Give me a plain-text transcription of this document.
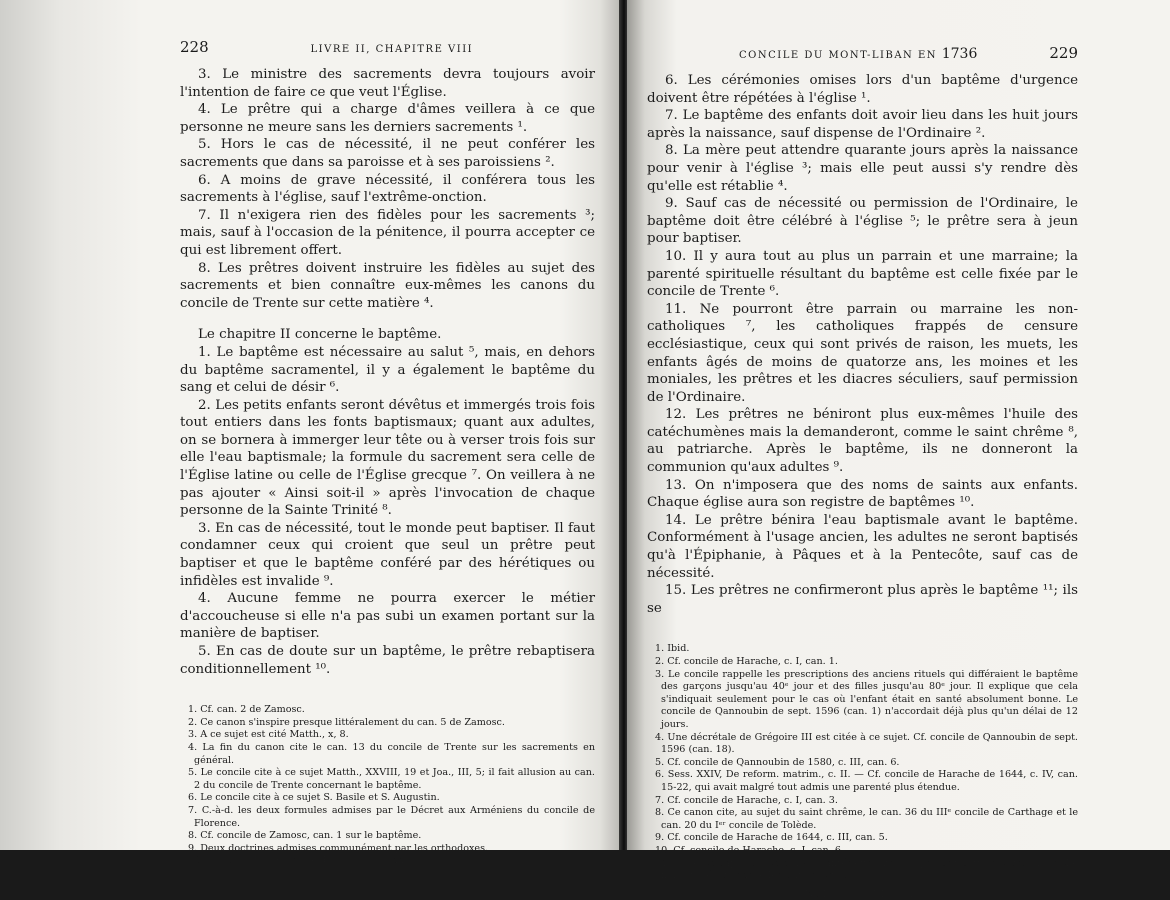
228	LIVRE II, CHAPITRE VIII

3. Le ministre des sacrements devra toujours avoir l'intention de faire ce que veut l'Église.

4. Le prêtre qui a charge d'âmes veillera à ce que personne ne meure sans les derniers sacrements ¹.

5. Hors le cas de nécessité, il ne peut conférer les sacrements que dans sa paroisse et à ses paroissiens ².

6. A moins de grave nécessité, il conférera tous les sacrements à l'église, sauf l'extrême-onction.

7. Il n'exigera rien des fidèles pour les sacrements ³; mais, sauf à l'occasion de la pénitence, il pourra accepter ce qui est librement offert.

8. Les prêtres doivent instruire les fidèles au sujet des sacrements et bien connaître eux-mêmes les canons du concile de Trente sur cette matière ⁴.

Le chapitre II concerne le baptême.

1. Le baptême est nécessaire au salut ⁵, mais, en dehors du baptême sacramentel, il y a également le baptême du sang et celui de désir ⁶.

2. Les petits enfants seront dévêtus et immergés trois fois tout entiers dans les fonts baptismaux; quant aux adultes, on se bornera à immerger leur tête ou à verser trois fois sur elle l'eau baptismale; la formule du sacrement sera celle de l'Église latine ou celle de l'Église grecque ⁷. On veillera à ne pas ajouter « Ainsi soit-il » après l'invocation de chaque personne de la Sainte Trinité ⁸.

3. En cas de nécessité, tout le monde peut baptiser. Il faut condamner ceux qui croient que seul un prêtre peut baptiser et que le baptême conféré par des hérétiques ou infidèles est invalide ⁹.

4. Aucune femme ne pourra exercer le métier d'accoucheuse si elle n'a pas subi un examen portant sur la manière de baptiser.

5. En cas de doute sur un baptême, le prêtre rebaptisera conditionnellement ¹⁰.

1. Cf. can. 2 de Zamosc.

2. Ce canon s'inspire presque littéralement du can. 5 de Zamosc.

3. A ce sujet est cité Matth., x, 8.

4. La fin du canon cite le can. 13 du concile de Trente sur les sacrements en général.

5. Le concile cite à ce sujet Matth., XXVIII, 19 et Joa., III, 5; il fait allusion au can. 2 du concile de Trente concernant le baptême.

6. Le concile cite à ce sujet S. Basile et S. Augustin.

7. C.-à-d. les deux formules admises par le Décret aux Arméniens du concile de Florence.

8. Cf. concile de Zamosc, can. 1 sur le baptême.

9. Deux doctrines admises communément par les orthodoxes.

10. Cf. concile de Harache de 1644, c. I, can. 4.

CONCILE DU MONT-LIBAN EN 1736	229

6. Les cérémonies omises lors d'un baptême d'urgence doivent être répétées à l'église ¹.

7. Le baptême des enfants doit avoir lieu dans les huit jours après la naissance, sauf dispense de l'Ordinaire ².

8. La mère peut attendre quarante jours après la naissance pour venir à l'église ³; mais elle peut aussi s'y rendre dès qu'elle est rétablie ⁴.

9. Sauf cas de nécessité ou permission de l'Ordinaire, le baptême doit être célébré à l'église ⁵; le prêtre sera à jeun pour baptiser.

10. Il y aura tout au plus un parrain et une marraine; la parenté spirituelle résultant du baptême est celle fixée par le concile de Trente ⁶.

11. Ne pourront être parrain ou marraine les non-catholiques ⁷, les catholiques frappés de censure ecclésiastique, ceux qui sont privés de raison, les muets, les enfants âgés de moins de quatorze ans, les moines et les moniales, les prêtres et les diacres séculiers, sauf permission de l'Ordinaire.

12. Les prêtres ne béniront plus eux-mêmes l'huile des catéchumènes mais la demanderont, comme le saint chrême ⁸, au patriarche. Après le baptême, ils ne donneront la communion qu'aux adultes ⁹.

13. On n'imposera que des noms de saints aux enfants. Chaque église aura son registre de baptêmes ¹⁰.

14. Le prêtre bénira l'eau baptismale avant le baptême. Conformément à l'usage ancien, les adultes ne seront baptisés qu'à l'Épiphanie, à Pâques et à la Pentecôte, sauf cas de nécessité.

15. Les prêtres ne confirmeront plus après le baptême ¹¹; ils se

1. Ibid.

2. Cf. concile de Harache, c. I, can. 1.

3. Le concile rappelle les prescriptions des anciens rituels qui différaient le baptême des garçons jusqu'au 40ᵉ jour et des filles jusqu'au 80ᵉ jour. Il explique que cela s'indiquait seulement pour le cas où l'enfant était en santé absolument bonne. Le concile de Qannoubin de sept. 1596 (can. 1) n'accordait déjà plus qu'un délai de 12 jours.

4. Une décrétale de Grégoire III est citée à ce sujet. Cf. concile de Qannoubin de sept. 1596 (can. 18).

5. Cf. concile de Qannoubin de 1580, c. III, can. 6.

6. Sess. XXIV, De reform. matrim., c. II. — Cf. concile de Harache de 1644, c. IV, can. 15-22, qui avait malgré tout admis une parenté plus étendue.

7. Cf. concile de Harache, c. I, can. 3.

8. Ce canon cite, au sujet du saint chrême, le can. 36 du IIIᵉ concile de Carthage et le can. 20 du Iᵉʳ concile de Tolède.

9. Cf. concile de Harache de 1644, c. III, can. 5.

10. Cf. concile de Harache, c. I, can. 6.

11. Déjà les papes et les synodes antérieurs avaient prescrit cette mesure, mais elle n'avait été que partiellement observée.

CONCILES. — XI. — 16 —
